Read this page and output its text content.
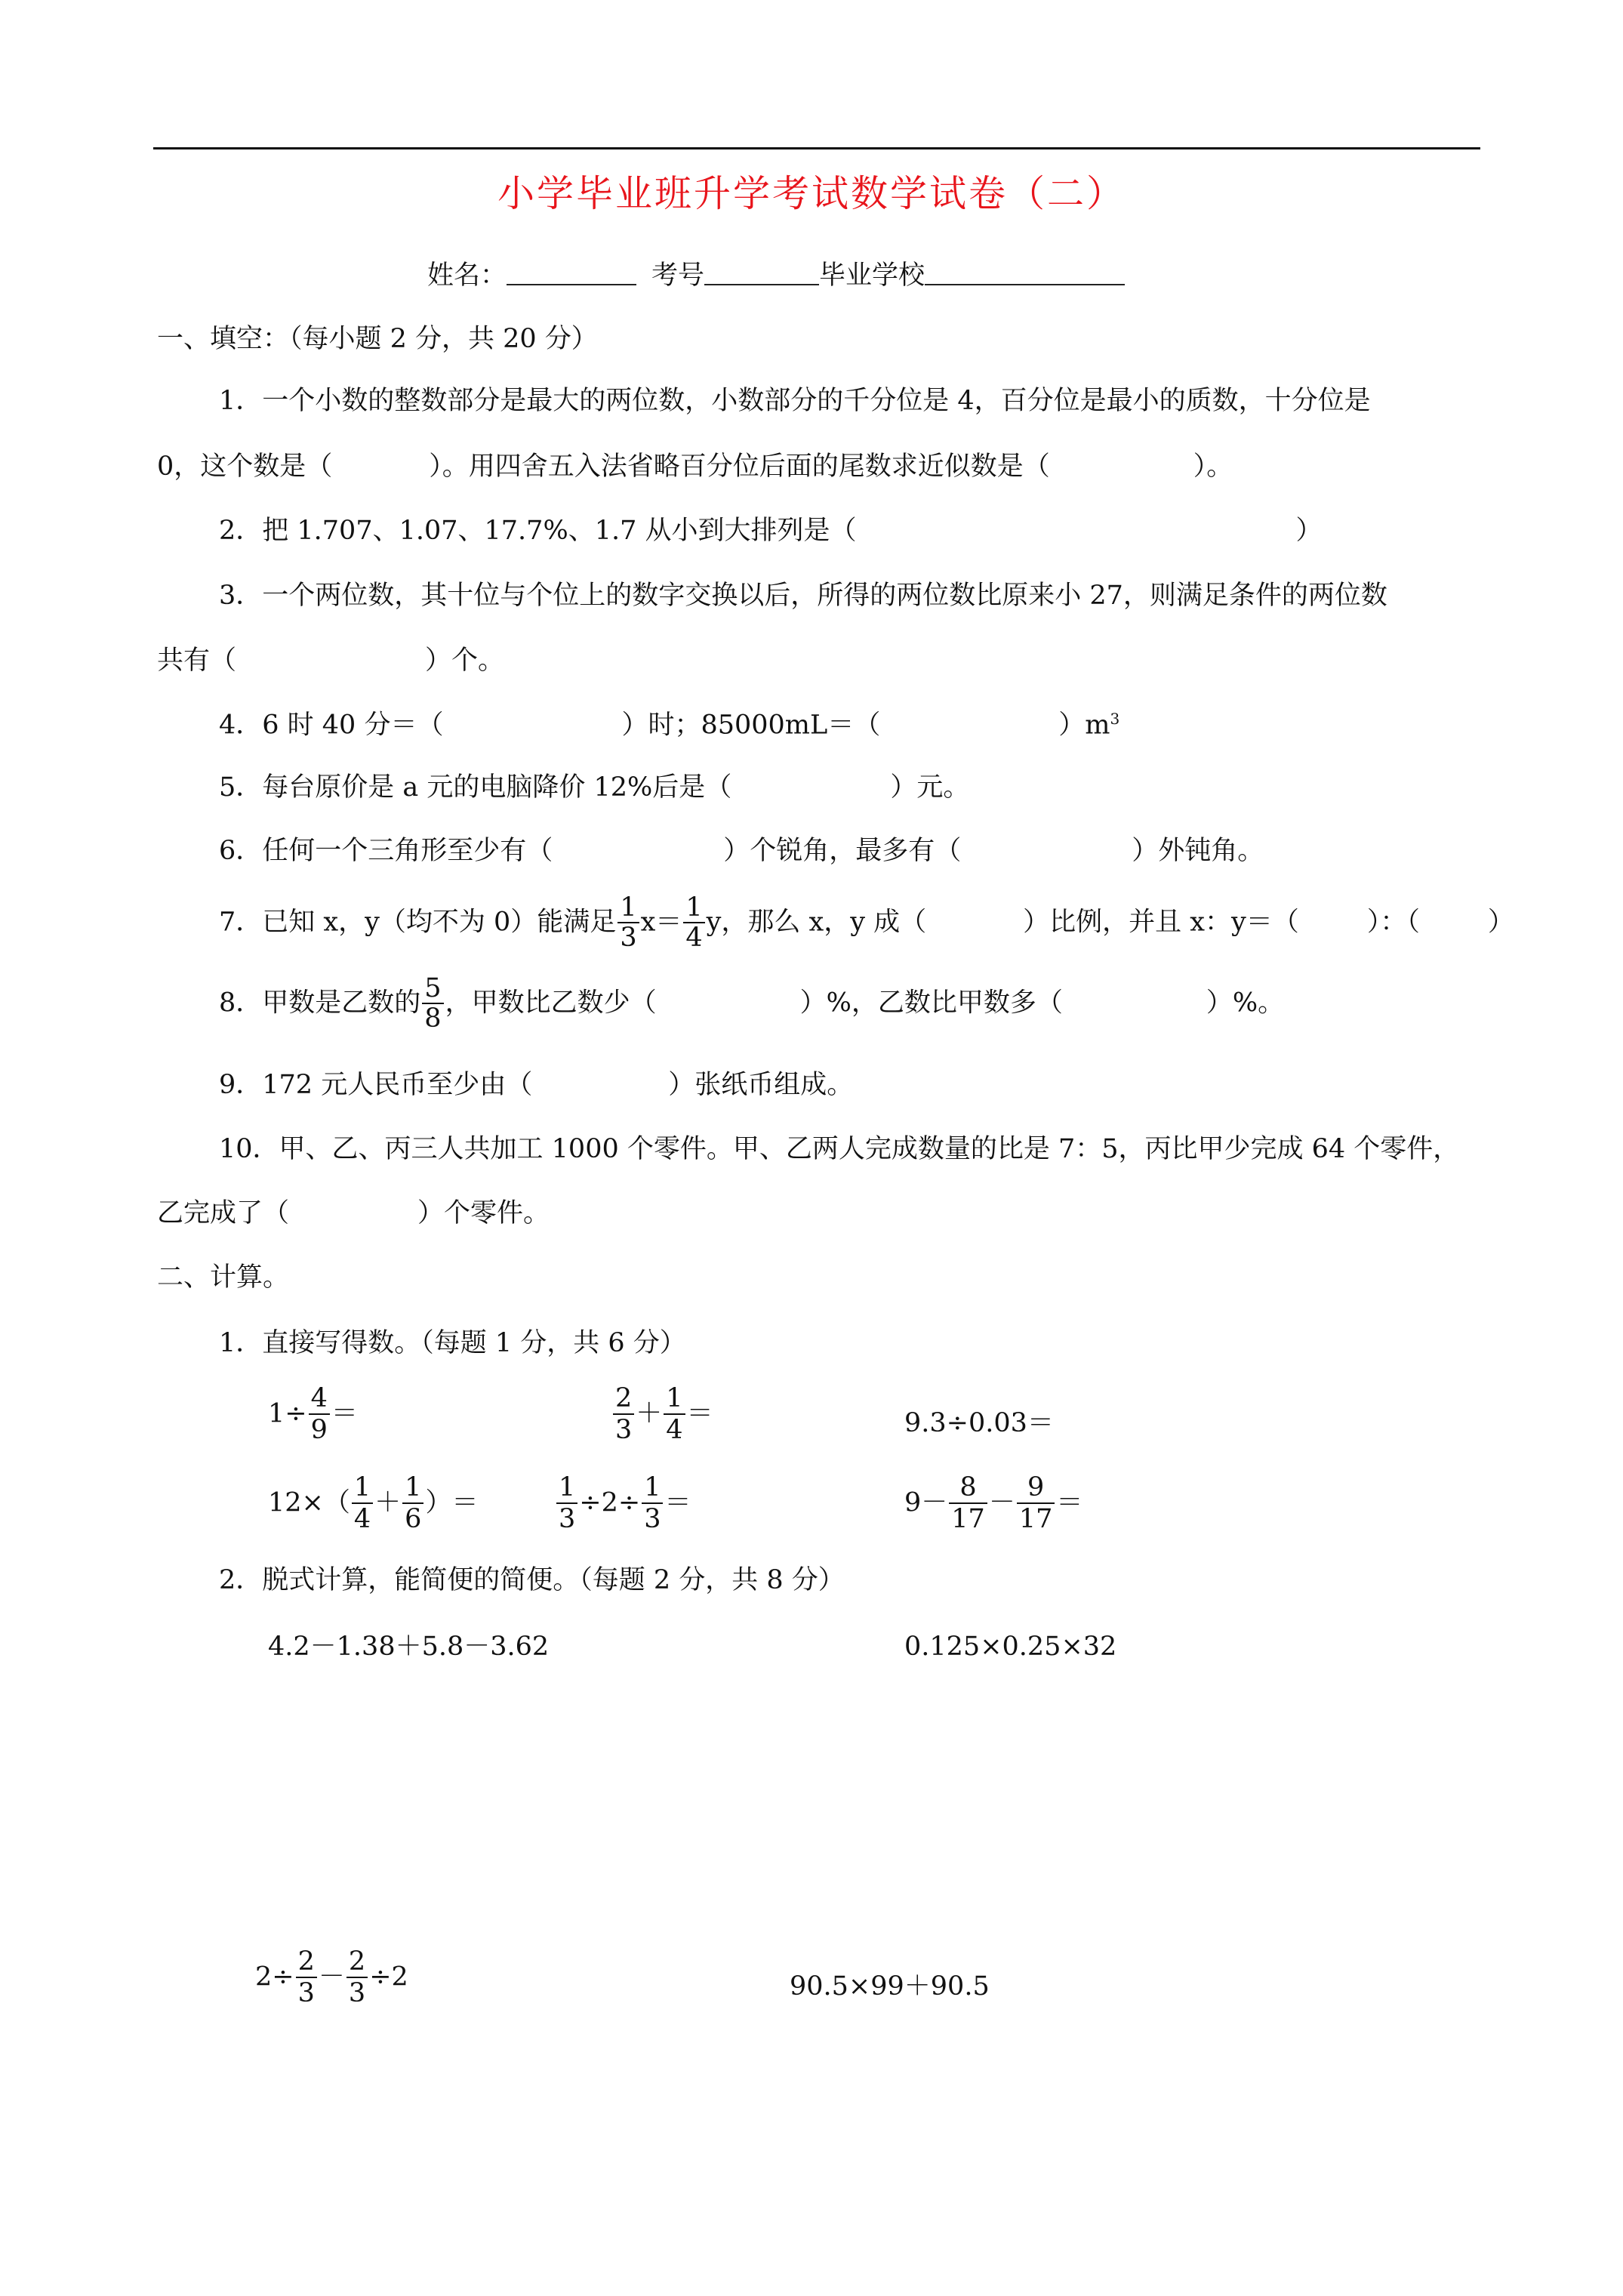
小学毕业班升学考试数学试卷（二）
姓名：	考号	毕业学校
一、填空：（每小题 2 分，共 20 分）
1．一个小数的整数部分是最大的两位数，小数部分的千分位是 4，百分位是最小的质数，十分位是
0，这个数是（	）。用四舍五入法省略百分位后面的尾数求近似数是（	）。
2．把 1.707、1.07、17.7%、1.7 从小到大排列是（	）
3．一个两位数，其十位与个位上的数字交换以后，所得的两位数比原来小 27，则满足条件的两位数
共有（	）个。
4．6 时 40 分＝（	）时；85000mL＝（	）$m^3$
5．每台原价是 a 元的电脑降价 12%后是（	）元。
6．任何一个三角形至少有（	）个锐角，最多有（	）外钝角。
7．已知 x，y（均不为 0）能满足 $\frac{1}{3} x= \frac{1}{4}$ y，那么 x，y 成（	）比例，并且 x：y＝（	）：（	）
8．甲数是乙数的 $\frac{5}{8}$ ，甲数比乙数少（	）%，乙数比甲数多（	）%。
9．172 元人民币至少由（	）张纸币组成。
10．甲、乙、丙三人共加工 1000 个零件。甲、乙两人完成数量的比是 7：5，丙比甲少完成 64 个零件，
乙完成了（	）个零件。
二、计算。
1．直接写得数。（每题 1 分，共 6 分）
$1\div \frac{4}{9}$ ＝	$\frac{2}{3} + \frac{1}{4}$ ＝	9.3÷0.03＝
$12\times( \frac{1}{4} + \frac{1}{6}$ ）＝	$\frac{1}{3} \div 2\div \frac{1}{3}$ ＝	$9- \frac{8}{17} - \frac{9}{17}$ ＝
2．脱式计算，能简便的简便。（每题 2 分，共 8 分）
4.2－1.38＋5.8－3.62	0.125×0.25×32
$2\div \frac{2}{3} - \frac{2}{3} \div 2$	90.5×99＋90.5
